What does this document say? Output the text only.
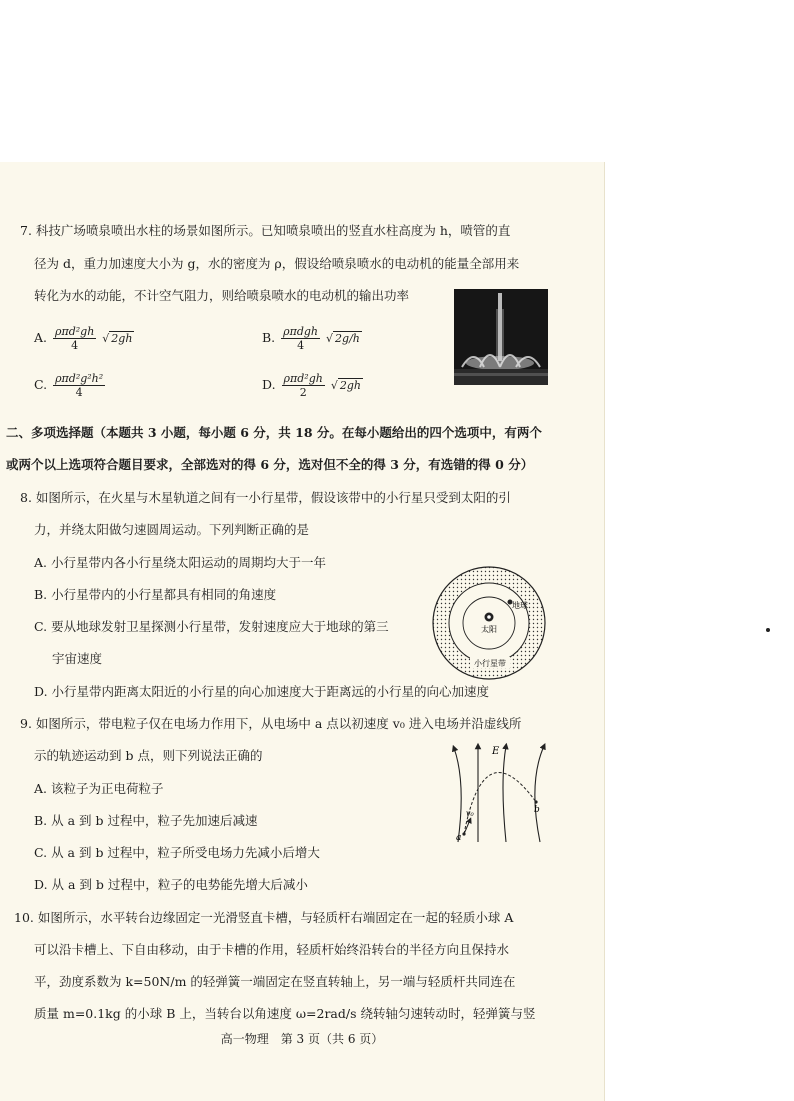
7. 科技广场喷泉喷出水柱的场景如图所示。已知喷泉喷出的竖直水柱高度为 h，喷管的直
径为 d，重力加速度大小为 g，水的密度为 ρ，假设给喷泉喷水的电动机的能量全部用来
转化为水的动能，不计空气阻力，则给喷泉喷水的电动机的输出功率
A. $\frac{\text{ρπd²gh}}{4}$ √ 2gh	B. $\frac{\text{ρπdgh}}{4}$ √ 2g/h
C. $\frac{\text{ρπd²g²h²}}{4}$	D. $\frac{\text{ρπd²gh}}{2}$ √ 2gh
二、多项选择题（本题共 3 小题，每小题 6 分，共 18 分。在每小题给出的四个选项中，有两个
或两个以上选项符合题目要求，全部选对的得 6 分，选对但不全的得 3 分，有选错的得 0 分）
8. 如图所示，在火星与木星轨道之间有一小行星带，假设该带中的小行星只受到太阳的引
力，并绕太阳做匀速圆周运动。下列判断正确的是
A. 小行星带内各小行星绕太阳运动的周期均大于一年
B. 小行星带内的小行星都具有相同的角速度
C. 要从地球发射卫星探测小行星带，发射速度应大于地球的第三
宇宙速度
D. 小行星带内距离太阳近的小行星的向心加速度大于距离远的小行星的向心加速度
太阳
地球
小行星带
9. 如图所示，带电粒子仅在电场力作用下，从电场中 a 点以初速度 v₀ 进入电场并沿虚线所
示的轨迹运动到 b 点，则下列说法正确的
A. 该粒子为正电荷粒子
B. 从 a 到 b 过程中，粒子先加速后减速
C. 从 a 到 b 过程中，粒子所受电场力先减小后增大
D. 从 a 到 b 过程中，粒子的电势能先增大后减小
E
v₀
a
b
10. 如图所示，水平转台边缘固定一光滑竖直卡槽，与轻质杆右端固定在一起的轻质小球 A
可以沿卡槽上、下自由移动，由于卡槽的作用，轻质杆始终沿转台的半径方向且保持水
平，劲度系数为 k=50N/m 的轻弹簧一端固定在竖直转轴上，另一端与轻质杆共同连在
质量 m=0.1kg 的小球 B 上，当转台以角速度 ω=2rad/s 绕转轴匀速转动时，轻弹簧与竖
高一物理　第 3 页（共 6 页）
